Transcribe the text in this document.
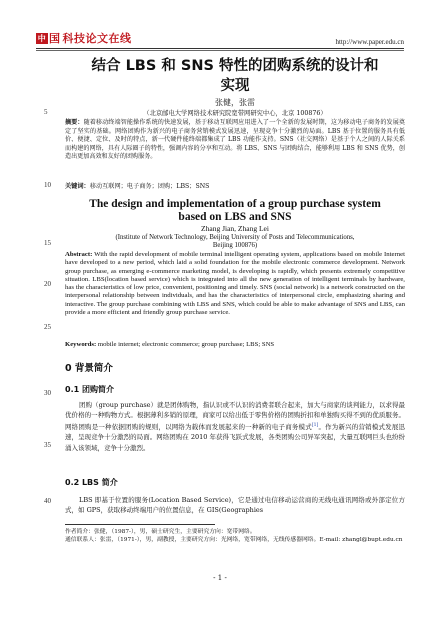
中 国 科技论文在线	http://www.paper.edu.cn
5
10
15
20
25
30
35
40
结合 LBS 和 SNS 特性的团购系统的设计和
实现
张健，张雷
（北京邮电大学网络技术研究院宽带网研究中心，北京 100876）
摘要：随着移动终端智能操作系统的快速发展，基于移动互联网应用进入了一个全新的发展时期，这为移动电子商务的发展奠定了坚实的基础。网络团购作为新兴的电子商务营销模式发展迅速，呈现竞争十分激烈的局面。LBS 基于位置的服务具有低价、便捷、定位、及时的特点，新一代硬件能终端都集成了 LBS 功能作支持。SNS（社交网络）是基于个人之间的人际关系而构建的网络，具有人际圈子的特性，强调内容的分享和互动。将 LBS、SNS 与团购结合，能够利用 LBS 和 SNS 优势，创造出更加高效和友好的团购服务。
关键词：移动互联网；电子商务；团购；LBS；SNS
The design and implementation of a group purchase system
based on LBS and SNS
Zhang Jian, Zhang Lei
(Institute of Network Technology, Beijing University of Posts and Telecommunications,
Beijing 100876)
Abstract: With the rapid development of mobile terminal intelligent operating system, applications based on mobile Internet have developed to a new period, which laid a solid foundation for the mobile electronic commerce development. Network group purchase, as emerging e-commerce marketing model, is developing is rapidly, which presents extremely competitive situation. LBS(location based service) which is integrated into all the new generation of intelligent terminals by hardware, has the characteristics of low price, convenient, positioning and timely. SNS (social network) is a network constructed on the interpersonal relationship between individuals, and has the characteristics of interpersonal circle, emphasizing sharing and interactive. The group purchase combining with LBS and SNS, which could be able to make advantage of SNS and LBS, can provide a more efficient and friendly group purchase service.
Keywords: mobile internet; electronic commerce; group purchase; LBS; SNS
0 背景简介
0.1 团购简介
团购（group purchase）就是团体购物，指认识或不认识的消费者联合起来，加大与商家的谈判能力，以求得最优价格的一种购物方式。根据薄利多销的原理，商家可以给出低于零售价格的团购折扣和单独购买得不到的优质服务。网络团购是一种依据团购的规则，以网络为载体而发展起来的一种新的电子商务模式[1]。作为新兴的营销模式发展迅速，呈现竞争十分激烈的局面。网络团购在 2010 年获得飞跃式发展，各类团购公司异军突起，大量互联网巨头也纷纷涌入该领域，竞争十分激烈。
0.2 LBS 简介
LBS 即基于位置的服务(Location Based Service)，它是通过电信移动运营商的无线电通讯网络或外部定位方式，如 GPS，获取移动终端用户的位置信息，在 GIS(Geographies
作者简介：张健，（1987-），男，硕士研究生，主要研究方向：宽带网络。
通信联系人：张雷，（1971-），男，副教授，主要研究方向：光网络，宽带网络，无线传感器网络。E-mail: zhangl@bupt.edu.cn
- 1 -
